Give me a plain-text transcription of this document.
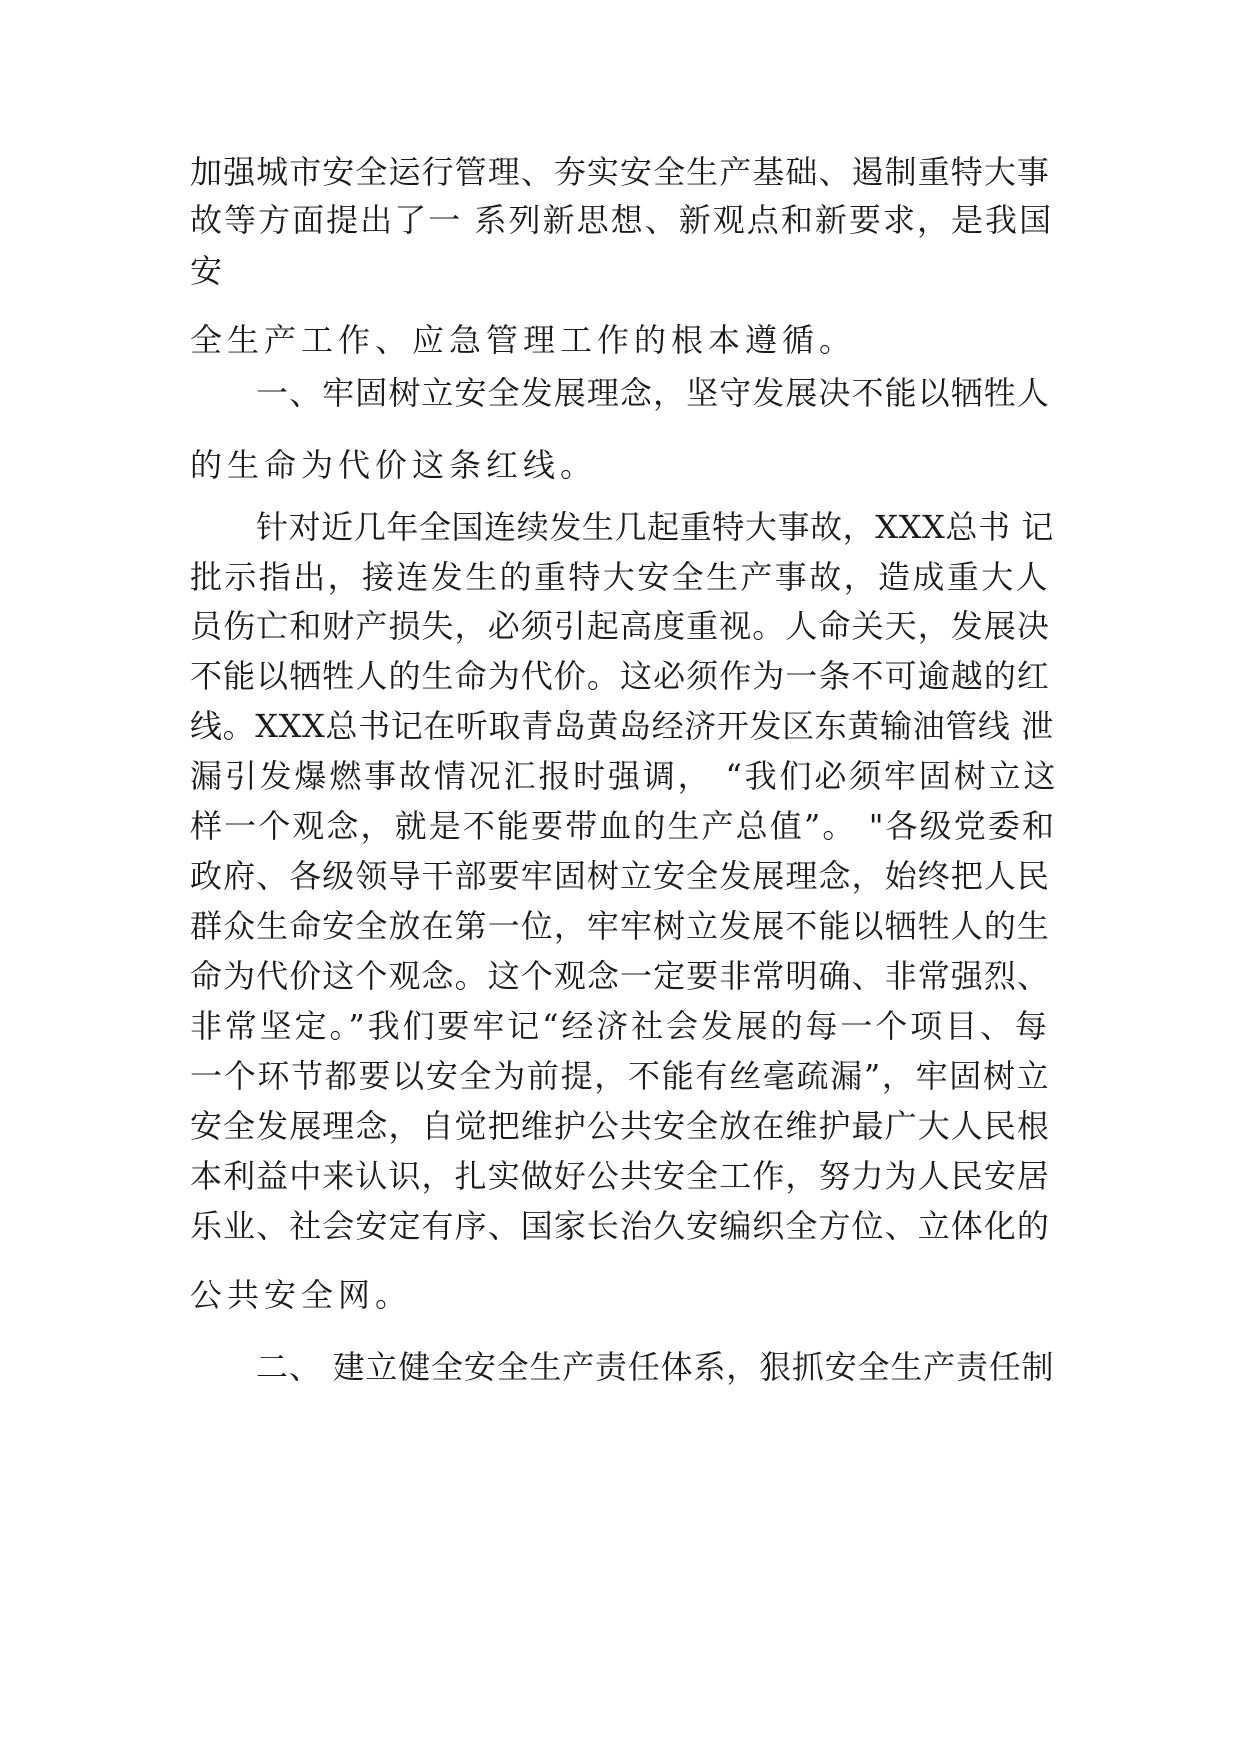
加强城市安全运行管理、夯实安全生产基础、遏制重特大事
故等方面提出了一 系列新思想、新观点和新要求，是我国
安
全生产工作、应急管理工作的根本遵循。
一、牢固树立安全发展理念，坚守发展决不能以牺牲人
的生命为代价这条红线。
针对近几年全国连续发生几起重特大事故，XXX总书 记
批示指出，接连发生的重特大安全生产事故，造成重大人
员伤亡和财产损失，必须引起高度重视。人命关天，发展决
不能以牺牲人的生命为代价。这必须作为一条不可逾越的红
线。XXX总书记在听取青岛黄岛经济开发区东黄输油管线 泄
漏引发爆燃事故情况汇报时强调， “我们必须牢固树立这
样一个观念，就是不能要带血的生产总值”。 "各级党委和
政府、各级领导干部要牢固树立安全发展理念，始终把人民
群众生命安全放在第一位，牢牢树立发展不能以牺牲人的生
命为代价这个观念。这个观念一定要非常明确、非常强烈、
非常坚定。”我们要牢记“经济社会发展的每一个项目、每
一个环节都要以安全为前提，不能有丝毫疏漏”，牢固树立
安全发展理念，自觉把维护公共安全放在维护最广大人民根
本利益中来认识，扎实做好公共安全工作，努力为人民安居
乐业、社会安定有序、国家长治久安编织全方位、立体化的
公共安全网。
二、 建立健全安全生产责任体系，狠抓安全生产责任制
